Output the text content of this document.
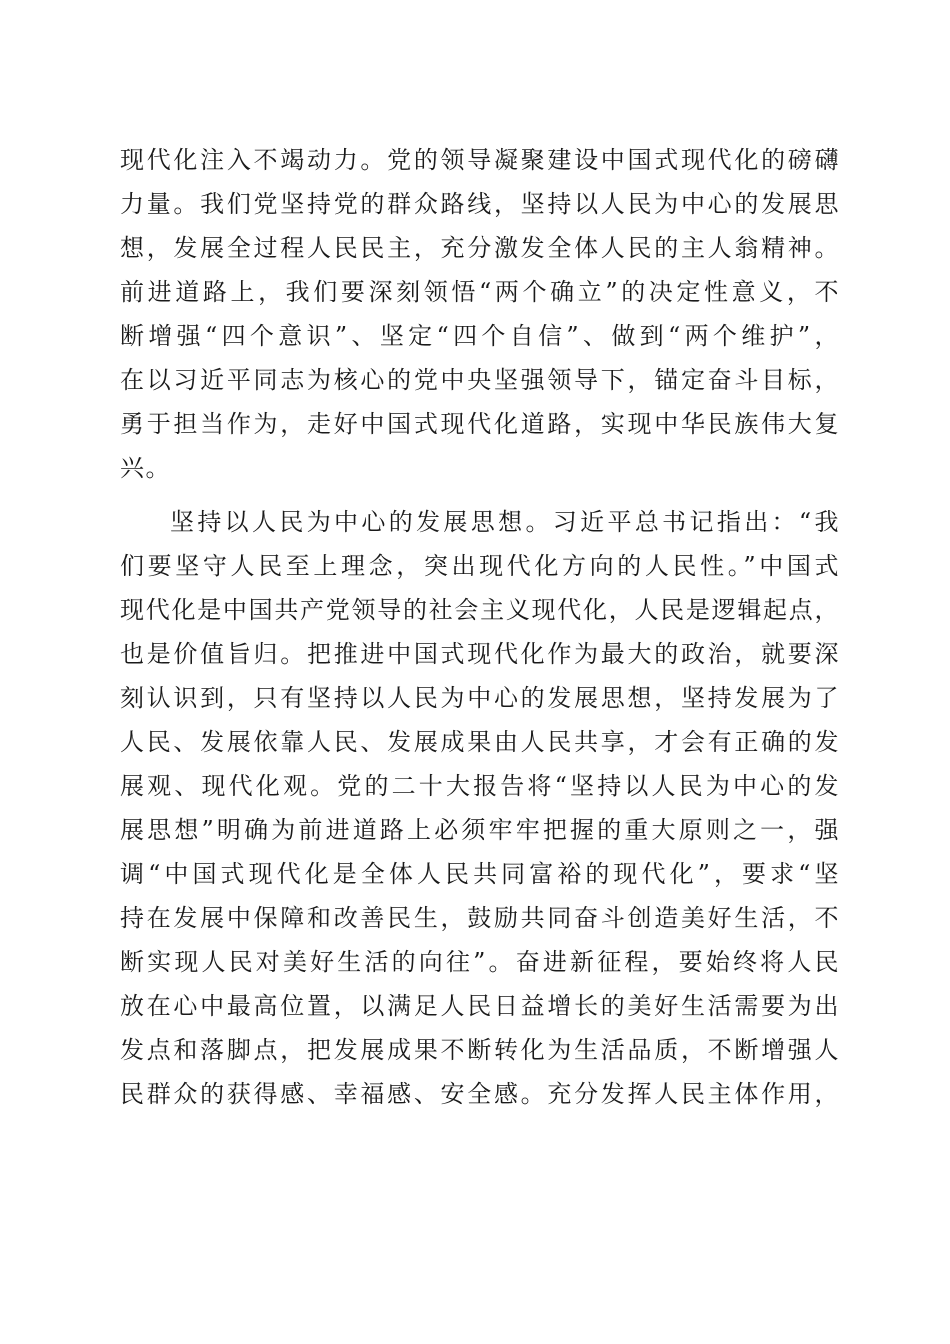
现代化注入不竭动力。党的领导凝聚建设中国式现代化的磅礴
力量。我们党坚持党的群众路线，坚持以人民为中心的发展思
想，发展全过程人民民主，充分激发全体人民的主人翁精神。
前进道路上，我们要深刻领悟“两个确立”的决定性意义，不
断增强“四个意识”、坚定“四个自信”、做到“两个维护”，
在以习近平同志为核心的党中央坚强领导下，锚定奋斗目标，
勇于担当作为，走好中国式现代化道路，实现中华民族伟大复
兴。
坚持以人民为中心的发展思想。习近平总书记指出：“我
们要坚守人民至上理念，突出现代化方向的人民性。”中国式
现代化是中国共产党领导的社会主义现代化，人民是逻辑起点，
也是价值旨归。把推进中国式现代化作为最大的政治，就要深
刻认识到，只有坚持以人民为中心的发展思想，坚持发展为了
人民、发展依靠人民、发展成果由人民共享，才会有正确的发
展观、现代化观。党的二十大报告将“坚持以人民为中心的发
展思想”明确为前进道路上必须牢牢把握的重大原则之一，强
调“中国式现代化是全体人民共同富裕的现代化”，要求“坚
持在发展中保障和改善民生，鼓励共同奋斗创造美好生活，不
断实现人民对美好生活的向往”。奋进新征程，要始终将人民
放在心中最高位置，以满足人民日益增长的美好生活需要为出
发点和落脚点，把发展成果不断转化为生活品质，不断增强人
民群众的获得感、幸福感、安全感。充分发挥人民主体作用，
